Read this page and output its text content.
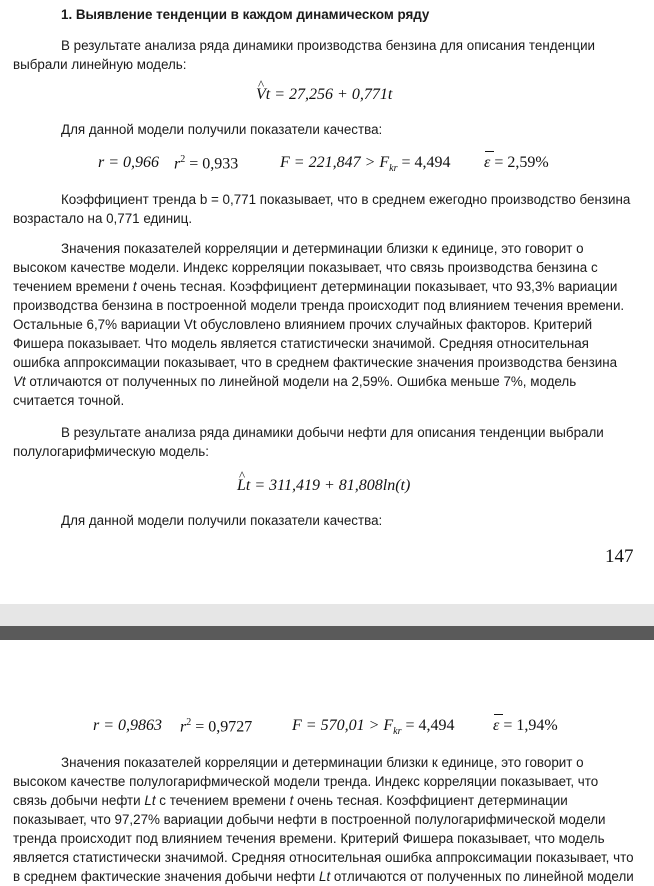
1. Выявление тенденции в каждом динамическом ряду
В результате анализа ряда динамики производства бензина для описания тенденции
выбрали линейную модель:
^ Vt = 27,256 + 0,771t
Для данной модели получили показатели качества:
r = 0,966 $r^2 = 0,933$	$F = 221,847 > F_{kr} = 4,494$ ε = 2,59%
Коэффициент тренда b = 0,771 показывает, что в среднем ежегодно производство бензина
возрастало на 0,771 единиц.
Значения показателей корреляции и детерминации близки к единице, это говорит о
высоком качестве модели. Индекс корреляции показывает, что связь производства бензина с
течением времени t очень тесная. Коэффициент детерминации показывает, что 93,3% вариации
производства бензина в построенной модели тренда происходит под влиянием течения времени.
Остальные 6,7% вариации Vt обусловлено влиянием прочих случайных факторов. Критерий
Фишера показывает. Что модель является статистически значимой. Средняя относительная
ошибка аппроксимации показывает, что в среднем фактические значения производства бензина
Vt отличаются от полученных по линейной модели на 2,59%. Ошибка меньше 7%, модель
считается точной.
В результате анализа ряда динамики добычи нефти для описания тенденции выбрали
полулогарифмическую модель:
^ Lt = 311,419 + 81,808ln(t)
Для данной модели получили показатели качества:
147
r = 0,9863 $r^2 = 0,9727$ $F = 570,01 > F_{kr} = 4,494$ ε = 1,94%
Значения показателей корреляции и детерминации близки к единице, это говорит о
высоком качестве полулогарифмической модели тренда. Индекс корреляции показывает, что
связь добычи нефти Lt с течением времени t очень тесная. Коэффициент детерминации
показывает, что 97,27% вариации добычи нефти в построенной полулогарифмической модели
тренда происходит под влиянием течения времени. Критерий Фишера показывает, что модель
является статистически значимой. Средняя относительная ошибка аппроксимации показывает, что
в среднем фактические значения добычи нефти Lt отличаются от полученных по линейной модели
